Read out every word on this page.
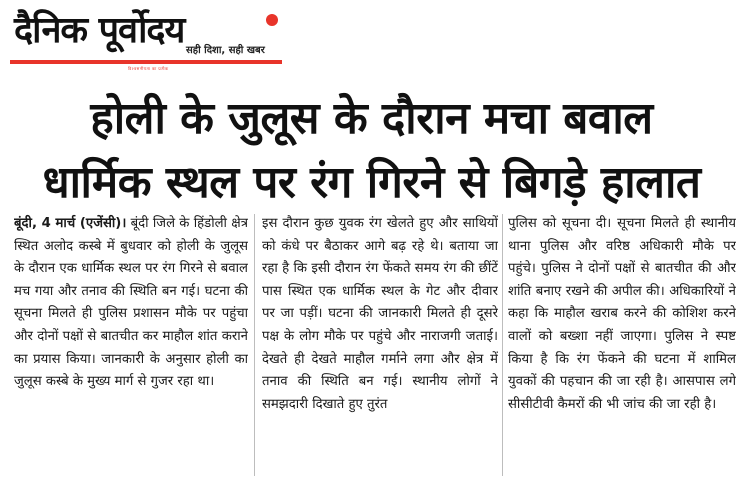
दैनिक पूर्वोदय सही दिशा, सही खबर
विश्वसनीयता का प्रतीक
होली के जुलूस के दौरान मचा बवाल
धार्मिक स्थल पर रंग गिरने से बिगड़े हालात

बूंदी, 4 मार्च (एजेंसी)। बूंदी जिले के हिंडोली क्षेत्र स्थित अलोद कस्बे में बुधवार को होली के जुलूस के दौरान एक धार्मिक स्थल पर रंग गिरने से बवाल मच गया और तनाव की स्थिति बन गई। घटना की सूचना मिलते ही पुलिस प्रशासन मौके पर पहुंचा और दोनों पक्षों से बातचीत कर माहौल शांत कराने का प्रयास किया। जानकारी के अनुसार होली का जुलूस कस्बे के मुख्य मार्ग से गुजर रहा था।

इस दौरान कुछ युवक रंग खेलते हुए और साथियों को कंधे पर बैठाकर आगे बढ़ रहे थे। बताया जा रहा है कि इसी दौरान रंग फेंकते समय रंग की छींटें पास स्थित एक धार्मिक स्थल के गेट और दीवार पर जा पड़ीं। घटना की जानकारी मिलते ही दूसरे पक्ष के लोग मौके पर पहुंचे और नाराजगी जताई। देखते ही देखते माहौल गर्माने लगा और क्षेत्र में तनाव की स्थिति बन गई। स्थानीय लोगों ने समझदारी दिखाते हुए तुरंत

पुलिस को सूचना दी। सूचना मिलते ही स्थानीय थाना पुलिस और वरिष्ठ अधिकारी मौके पर पहुंचे। पुलिस ने दोनों पक्षों से बातचीत की और शांति बनाए रखने की अपील की। अधिकारियों ने कहा कि माहौल खराब करने की कोशिश करने वालों को बख्शा नहीं जाएगा। पुलिस ने स्पष्ट किया है कि रंग फेंकने की घटना में शामिल युवकों की पहचान की जा रही है। आसपास लगे सीसीटीवी कैमरों की भी जांच की जा रही है।
